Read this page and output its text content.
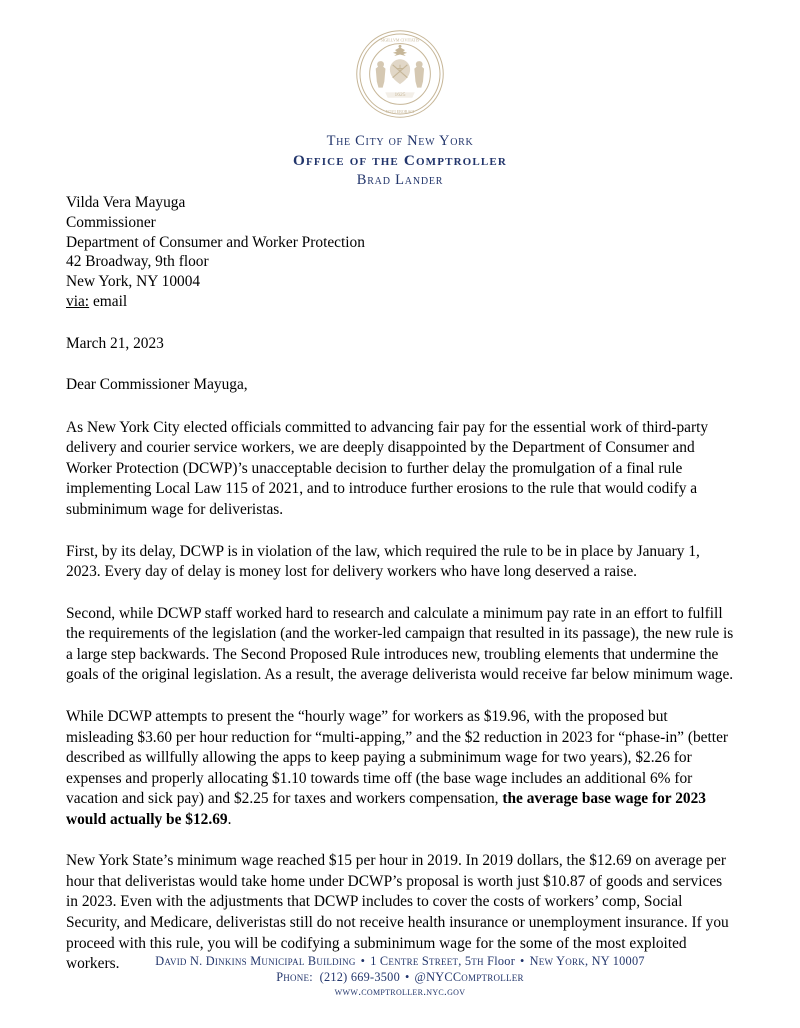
SIGILLVM CIVITATIS
NOVI EBORACI
1625
The City of New York
Office of the Comptroller
Brad Lander
Vilda Vera Mayuga
Commissioner
Department of Consumer and Worker Protection
42 Broadway, 9th floor
New York, NY 10004
via: email
March 21, 2023
Dear Commissioner Mayuga,

As New York City elected officials committed to advancing fair pay for the essential work of third-party delivery and courier service workers, we are deeply disappointed by the Department of Consumer and Worker Protection (DCWP)’s unacceptable decision to further delay the promulgation of a final rule implementing Local Law 115 of 2021, and to introduce further erosions to the rule that would codify a subminimum wage for deliveristas.

First, by its delay, DCWP is in violation of the law, which required the rule to be in place by January 1, 2023. Every day of delay is money lost for delivery workers who have long deserved a raise.

Second, while DCWP staff worked hard to research and calculate a minimum pay rate in an effort to fulfill the requirements of the legislation (and the worker-led campaign that resulted in its passage), the new rule is a large step backwards. The Second Proposed Rule introduces new, troubling elements that undermine the goals of the original legislation. As a result, the average deliverista would receive far below minimum wage.

While DCWP attempts to present the “hourly wage” for workers as $19.96, with the proposed but misleading $3.60 per hour reduction for “multi-apping,” and the $2 reduction in 2023 for “phase-in” (better described as willfully allowing the apps to keep paying a subminimum wage for two years), $2.26 for expenses and properly allocating $1.10 towards time off (the base wage includes an additional 6% for vacation and sick pay) and $2.25 for taxes and workers compensation, the average base wage for 2023 would actually be $12.69.

New York State’s minimum wage reached $15 per hour in 2019. In 2019 dollars, the $12.69 on average per hour that deliveristas would take home under DCWP’s proposal is worth just $10.87 of goods and services in 2023. Even with the adjustments that DCWP includes to cover the costs of workers’ comp, Social Security, and Medicare, deliveristas still do not receive health insurance or unemployment insurance. If you proceed with this rule, you will be codifying a subminimum wage for the some of the most exploited workers.	David N. Dinkins Municipal Building • 1 Centre Street, 5th Floor • New York, NY 10007
Phone: (212) 669-3500 • @NYCComptroller
www.comptroller.nyc.gov
